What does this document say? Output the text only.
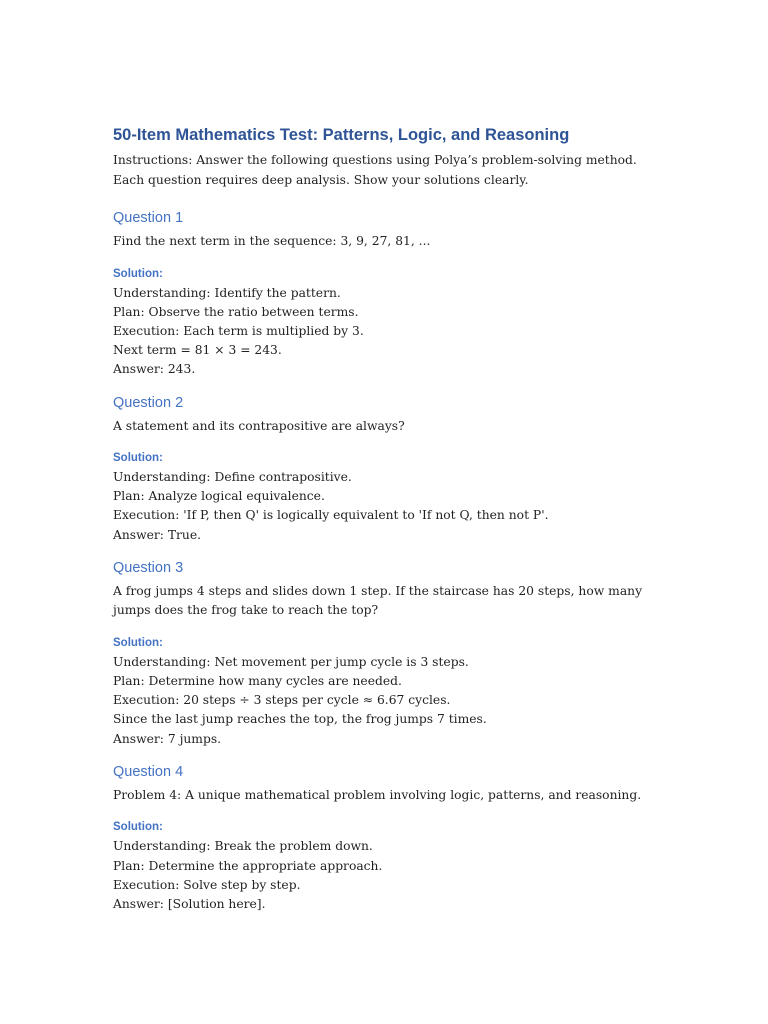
50-Item Mathematics Test: Patterns, Logic, and Reasoning

Instructions: Answer the following questions using Polya’s problem-solving method. Each question requires deep analysis. Show your solutions clearly.

Question 1

Find the next term in the sequence: 3, 9, 27, 81, ...

Solution:
Understanding: Identify the pattern.
Plan: Observe the ratio between terms.
Execution: Each term is multiplied by 3.
Next term = 81 × 3 = 243.
Answer: 243.
Question 2

A statement and its contrapositive are always?

Solution:
Understanding: Define contrapositive.
Plan: Analyze logical equivalence.
Execution: 'If P, then Q' is logically equivalent to 'If not Q, then not P'.
Answer: True.
Question 3

A frog jumps 4 steps and slides down 1 step. If the staircase has 20 steps, how many jumps does the frog take to reach the top?

Solution:
Understanding: Net movement per jump cycle is 3 steps.
Plan: Determine how many cycles are needed.
Execution: 20 steps ÷ 3 steps per cycle ≈ 6.67 cycles.
Since the last jump reaches the top, the frog jumps 7 times.
Answer: 7 jumps.
Question 4

Problem 4: A unique mathematical problem involving logic, patterns, and reasoning.

Solution:
Understanding: Break the problem down.
Plan: Determine the appropriate approach.
Execution: Solve step by step.
Answer: [Solution here].
